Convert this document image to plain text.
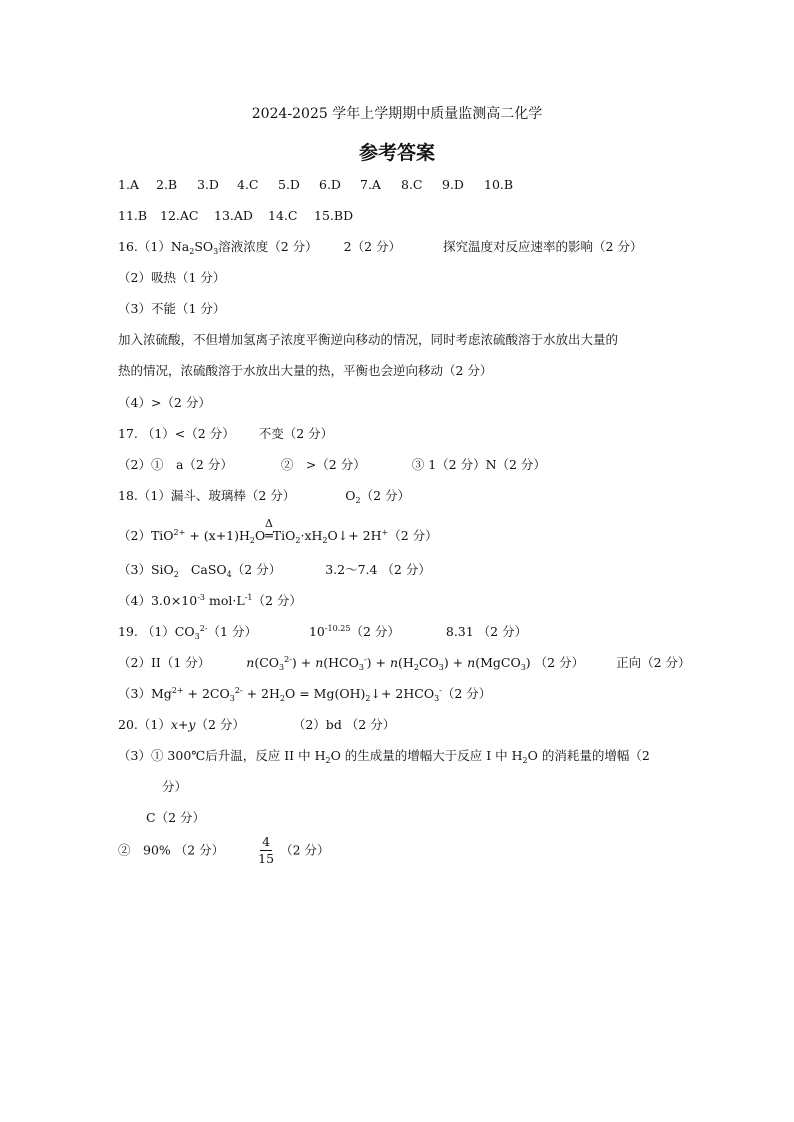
2024-2025 学年上学期期中质量监测高二化学
参考答案
1.A 2.B 3.D 4.C 5.D 6.D 7.A 8.C 9.D 10.B
11.B 12.AC 13.AD 14.C 15.BD
$16.(1)Na_2SO_3$溶液浓度（2 分） 2（2 分）	探究温度对反应速率的影响（2 分）
（2）吸热（1 分）
（3）不能（1 分）
加入浓硫酸，不但增加氢离子浓度平衡逆向移动的情况，同时考虑浓硫酸溶于水放出大量的
热的情况，浓硫酸溶于水放出大量的热，平衡也会逆向移动（2 分）
（4）>（2 分）
17. （1）<（2 分） 不变（2 分）
（2）①　a（2 分）	②　>（2 分）	③ 1（2 分）N（2 分）
18.（1）漏斗、玻璃棒（2 分）	$O_2(2$ 分）
$(2)TiO^{2+} + (x+1)H_2O$
Δ
$═TiO_2\cdot xH_2O↓+ 2H^+(2$ 分）
（3）SiO$_2$ CaSO$_4$（2 分）	3.2～7.4 （2 分）
$(4)3.0\times 10^{-3}$ $mol\cdot L^{-1}(2$ 分）
19. $(1)CO_3^{2-}(1$ 分）	$10^{-10.25}(2$ 分）	8.31 （2 分）
（2）II（1 分）	$n(CO_3^{2-}) + n(HCO_3^-) + n(H_2CO_3)$ + n(MgCO$_3$) （2 分）	正向（2 分）
$(3)Mg^{2+} + 2CO_3^{2-} + 2H_2O$ = $Mg(OH)_2↓+ 2HCO_3^-(2$ 分）
20.（1）x+y（2 分）	（2）bd （2 分）
（3）① 300℃后升温，反应 II 中 $H_2O$ 的生成量的增幅大于反应 I 中 $H_2O$ 的消耗量的增幅（2
分）
C（2 分）
②　90% （2 分）	$\frac{4}{15} (2$ 分）
